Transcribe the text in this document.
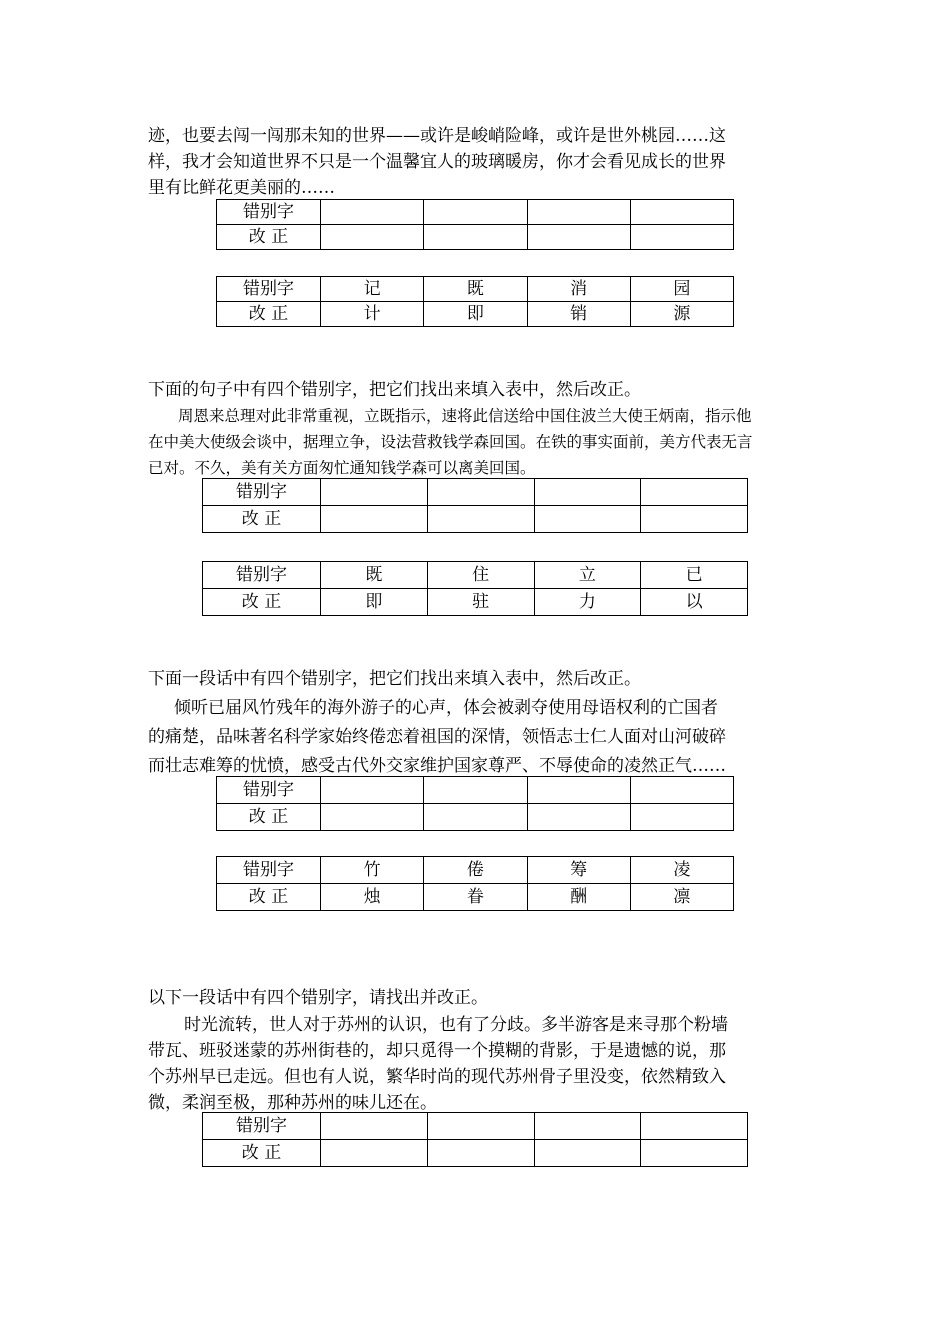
迹，也要去闯一闯那未知的世界——或许是峻峭险峰，或许是世外桃园……这

样，我才会知道世界不只是一个温馨宜人的玻璃暖房，你才会看见成长的世界

里有比鲜花更美丽的……

错别字				
改 正				
错别字	记	既	消	园
改 正	计	即	销	源

下面的句子中有四个错别字，把它们找出来填入表中，然后改正。

周恩来总理对此非常重视，立既指示，速将此信送给中国住波兰大使王炳南，指示他

在中美大使级会谈中，据理立争，设法营救钱学森回国。在铁的事实面前，美方代表无言

已对。不久，美有关方面匆忙通知钱学森可以离美回国。

错别字				
改 正				
错别字	既	住	立	已
改 正	即	驻	力	以

下面一段话中有四个错别字，把它们找出来填入表中，然后改正。

倾听已届风竹残年的海外游子的心声，体会被剥夺使用母语权利的亡国者

的痛楚，品味著名科学家始终倦恋着祖国的深情，领悟志士仁人面对山河破碎

而壮志难筹的忧愤，感受古代外交家维护国家尊严、不辱使命的凌然正气……

错别字				
改 正				
错别字	竹	倦	筹	凌
改 正	烛	眷	酬	凛

以下一段话中有四个错别字，请找出并改正。

时光流转，世人对于苏州的认识，也有了分歧。多半游客是来寻那个粉墙

带瓦、班驳迷蒙的苏州街巷的，却只觅得一个摸糊的背影，于是遗憾的说，那

个苏州早已走远。但也有人说，繁华时尚的现代苏州骨子里没变，依然精致入

微，柔润至极，那种苏州的味儿还在。

错别字				
改 正				
